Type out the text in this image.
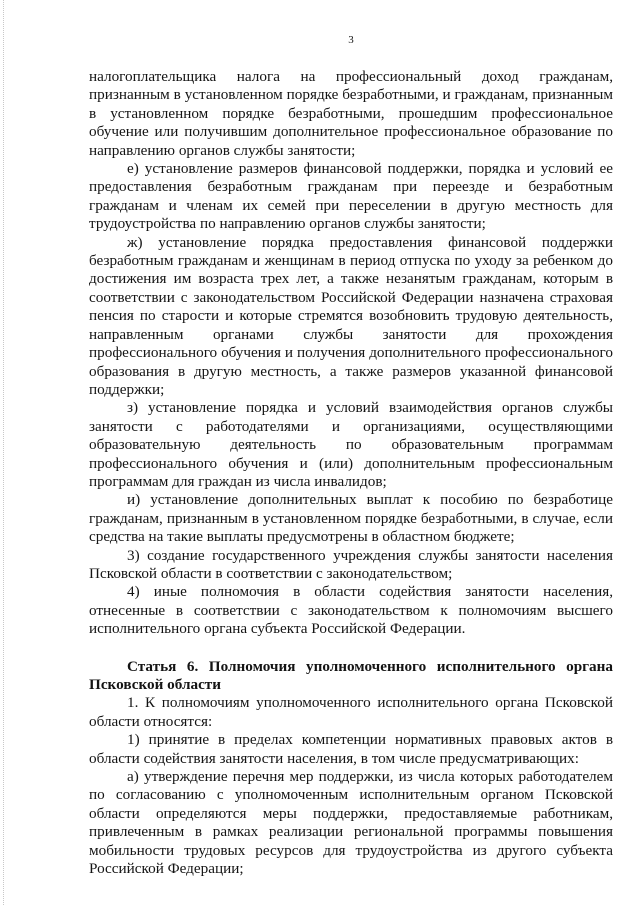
3

налогоплательщика налога на профессиональный доход гражданам, признанным в установленном порядке безработными, и гражданам, признанным в установленном порядке безработными, прошедшим профессиональное обучение или получившим дополнительное профессиональное образование по направлению органов службы занятости;

е) установление размеров финансовой поддержки, порядка и условий ее предоставления безработным гражданам при переезде и безработным гражданам и членам их семей при переселении в другую местность для трудоустройства по направлению органов службы занятости;

ж) установление порядка предоставления финансовой поддержки безработным гражданам и женщинам в период отпуска по уходу за ребенком до достижения им возраста трех лет, а также незанятым гражданам, которым в соответствии с законодательством Российской Федерации назначена страховая пенсия по старости и которые стремятся возобновить трудовую деятельность, направленным органами службы занятости для прохождения профессионального обучения и получения дополнительного профессионального образования в другую местность, а также размеров указанной финансовой поддержки;

з) установление порядка и условий взаимодействия органов службы занятости с работодателями и организациями, осуществляющими образовательную деятельность по образовательным программам профессионального обучения и (или) дополнительным профессиональным программам для граждан из числа инвалидов;

и) установление дополнительных выплат к пособию по безработице гражданам, признанным в установленном порядке безработными, в случае, если средства на такие выплаты предусмотрены в областном бюджете;

3) создание государственного учреждения службы занятости населения Псковской области в соответствии с законодательством;

4) иные полномочия в области содействия занятости населения, отнесенные в соответствии с законодательством к полномочиям высшего исполнительного органа субъекта Российской Федерации.

Статья 6. Полномочия уполномоченного исполнительного органа Псковской области

1. К полномочиям уполномоченного исполнительного органа Псковской области относятся:

1) принятие в пределах компетенции нормативных правовых актов в области содействия занятости населения, в том числе предусматривающих:

а) утверждение перечня мер поддержки, из числа которых работодателем по согласованию с уполномоченным исполнительным органом Псковской области определяются меры поддержки, предоставляемые работникам, привлеченным в рамках реализации региональной программы повышения мобильности трудовых ресурсов для трудоустройства из другого субъекта Российской Федерации;
